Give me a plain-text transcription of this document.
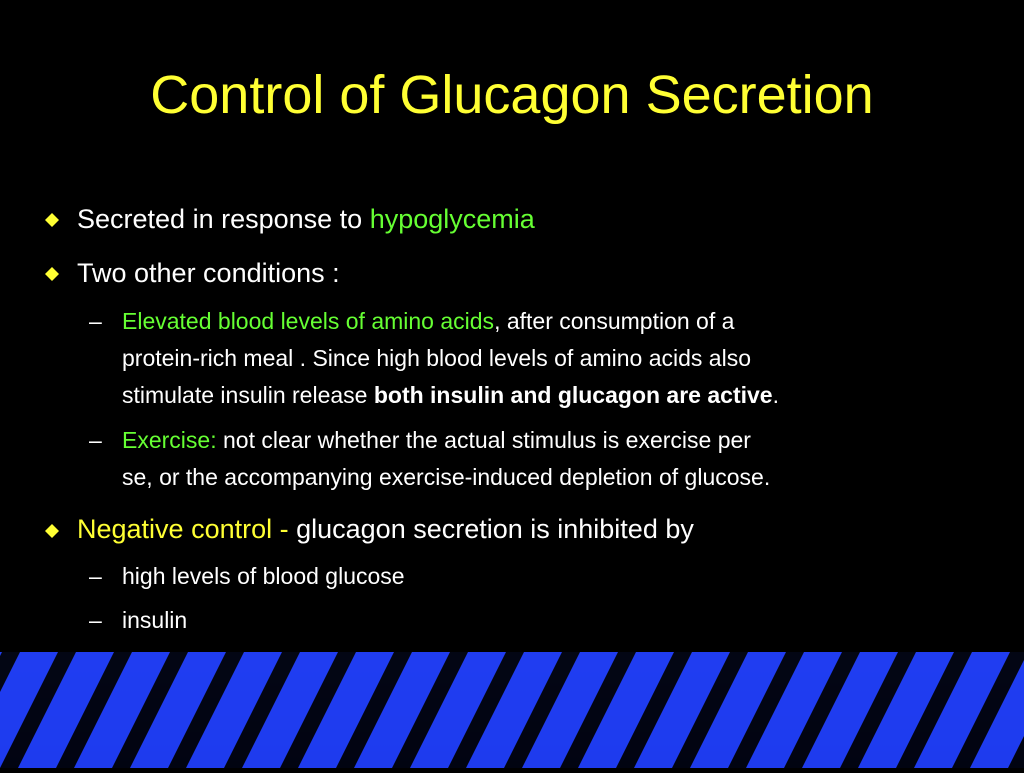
Control of Glucagon Secretion
Secreted in response to hypoglycemia
Two other conditions :
– Elevated blood levels of amino acids, after consumption of a
protein-rich meal . Since high blood levels of amino acids also
stimulate insulin release both insulin and glucagon are active.
– Exercise: not clear whether the actual stimulus is exercise per
se, or the accompanying exercise-induced depletion of glucose.
Negative control - glucagon secretion is inhibited by
– high levels of blood glucose
– insulin
